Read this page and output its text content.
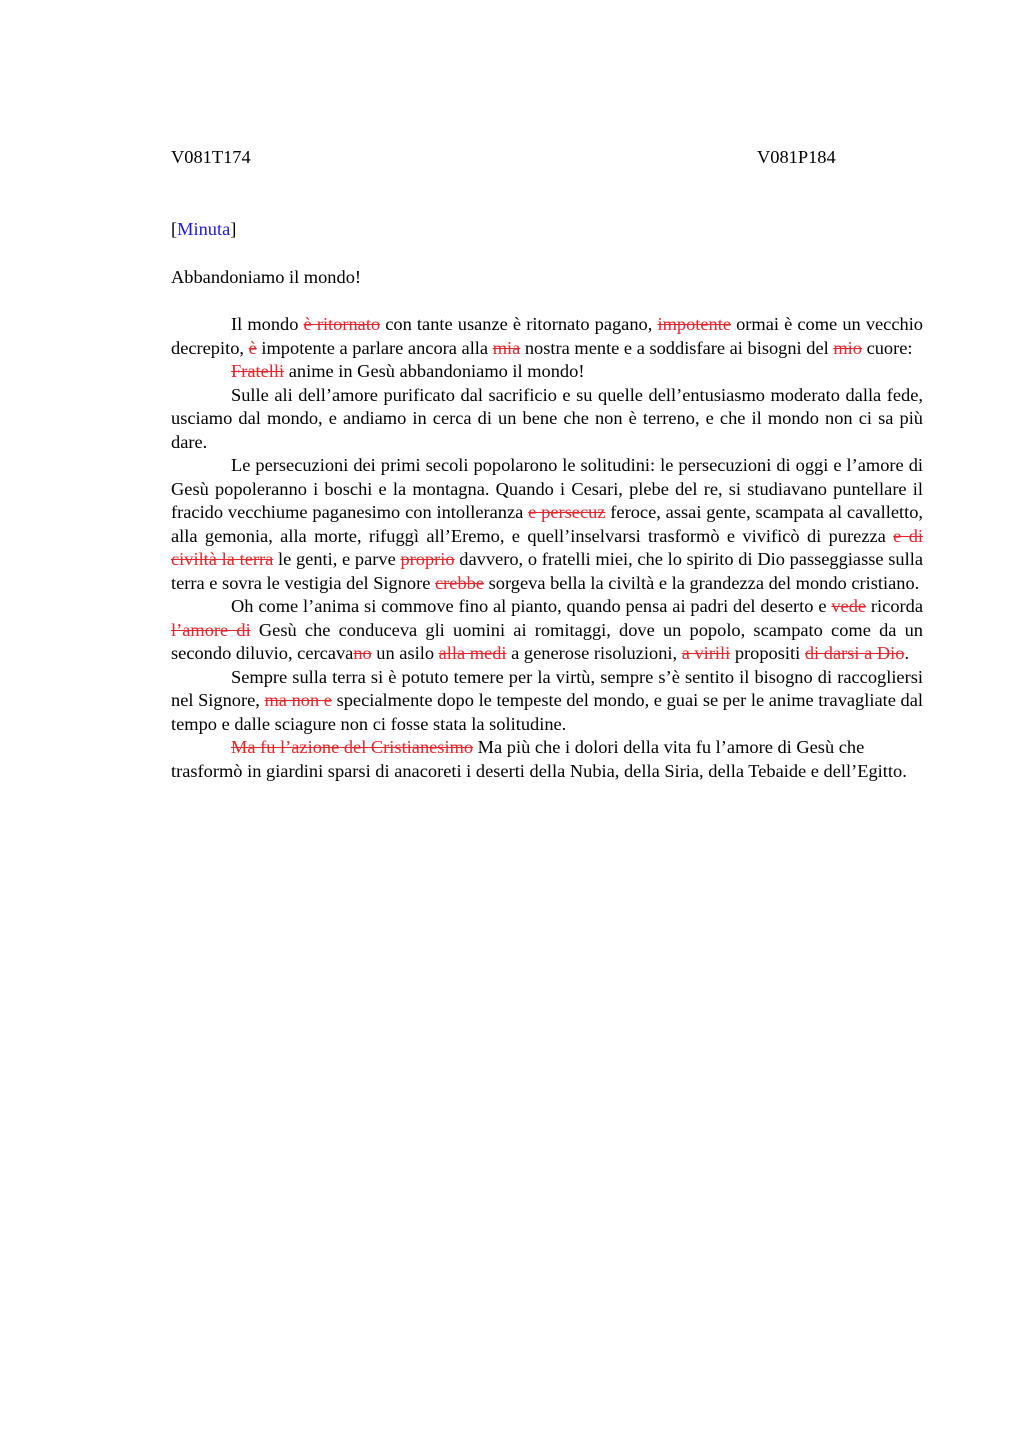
V081T174	V081P184
[Minuta]
Abbandoniamo il mondo!

Il mondo è ritornato con tante usanze è ritornato pagano, impotente ormai è come un vecchio decrepito, è impotente a parlare ancora alla mia nostra mente e a soddisfare ai bisogni del mio cuore:

Fratelli anime in Gesù abbandoniamo il mondo!

Sulle ali dell’amore purificato dal sacrificio e su quelle dell’entusiasmo moderato dalla fede, usciamo dal mondo, e andiamo in cerca di un bene che non è terreno, e che il mondo non ci sa più dare.

Le persecuzioni dei primi secoli popolarono le solitudini: le persecuzioni di oggi e l’amore di Gesù popoleranno i boschi e la montagna. Quando i Cesari, plebe del re, si studiavano puntellare il fracido vecchiume paganesimo con intolleranza e persecuz feroce, assai gente, scampata al cavalletto, alla gemonia, alla morte, rifuggì all’Eremo, e quell’inselvarsi trasformò e vivificò di purezza e di civiltà la terra le genti, e parve proprio davvero, o fratelli miei, che lo spirito di Dio passeggiasse sulla terra e sovra le vestigia del Signore crebbe sorgeva bella la civiltà e la grandezza del mondo cristiano.

Oh come l’anima si commove fino al pianto, quando pensa ai padri del deserto e vede ricorda l’amore di Gesù che conduceva gli uomini ai romitaggi, dove un popolo, scampato come da un secondo diluvio, cercavano un asilo alla medi a generose risoluzioni, a virili propositi di darsi a Dio.

Sempre sulla terra si è potuto temere per la virtù, sempre s’è sentito il bisogno di raccogliersi nel Signore, ma non e specialmente dopo le tempeste del mondo, e guai se per le anime travagliate dal tempo e dalle sciagure non ci fosse stata la solitudine.

Ma fu l’azione del Cristianesimo Ma più che i dolori della vita fu l’amore di Gesù che trasformò in giardini sparsi di anacoreti i deserti della Nubia, della Siria, della Tebaide e dell’Egitto.
